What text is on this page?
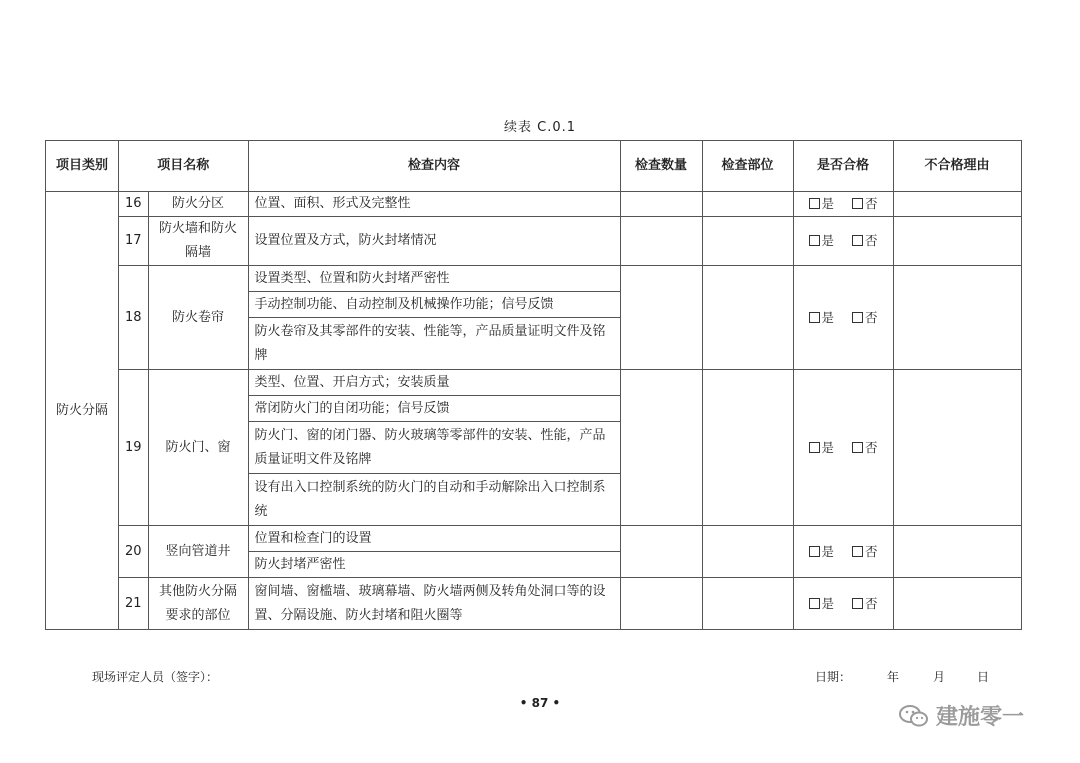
续表 C.0.1
项目类别	项目名称		检查内容	检查数量	检查部位	是否合格	不合格理由
防火分隔	16	防火分区	位置、面积、形式及完整性			是 否	
	17	防火墙和防火隔墙	设置位置及方式，防火封堵情况			是 否	
	18	防火卷帘	设置类型、位置和防火封堵严密性			是 否	
			手动控制功能、自动控制及机械操作功能；信号反馈				
			防火卷帘及其零部件的安装、性能等，产品质量证明文件及铭牌				
	19	防火门、窗	类型、位置、开启方式；安装质量			是 否	
			常闭防火门的自闭功能；信号反馈				
			防火门、窗的闭门器、防火玻璃等零部件的安装、性能，产品质量证明文件及铭牌				
			设有出入口控制系统的防火门的自动和手动解除出入口控制系统				
	20	竖向管道井	位置和检查门的设置			是 否	
			防火封堵严密性				
	21	其他防火分隔要求的部位	窗间墙、窗槛墙、玻璃幕墙、防火墙两侧及转角处洞口等的设置、分隔设施、防火封堵和阻火圈等			是 否	
现场评定人员（签字）：	日期：	年	月	日
• 87 •
建施零一
